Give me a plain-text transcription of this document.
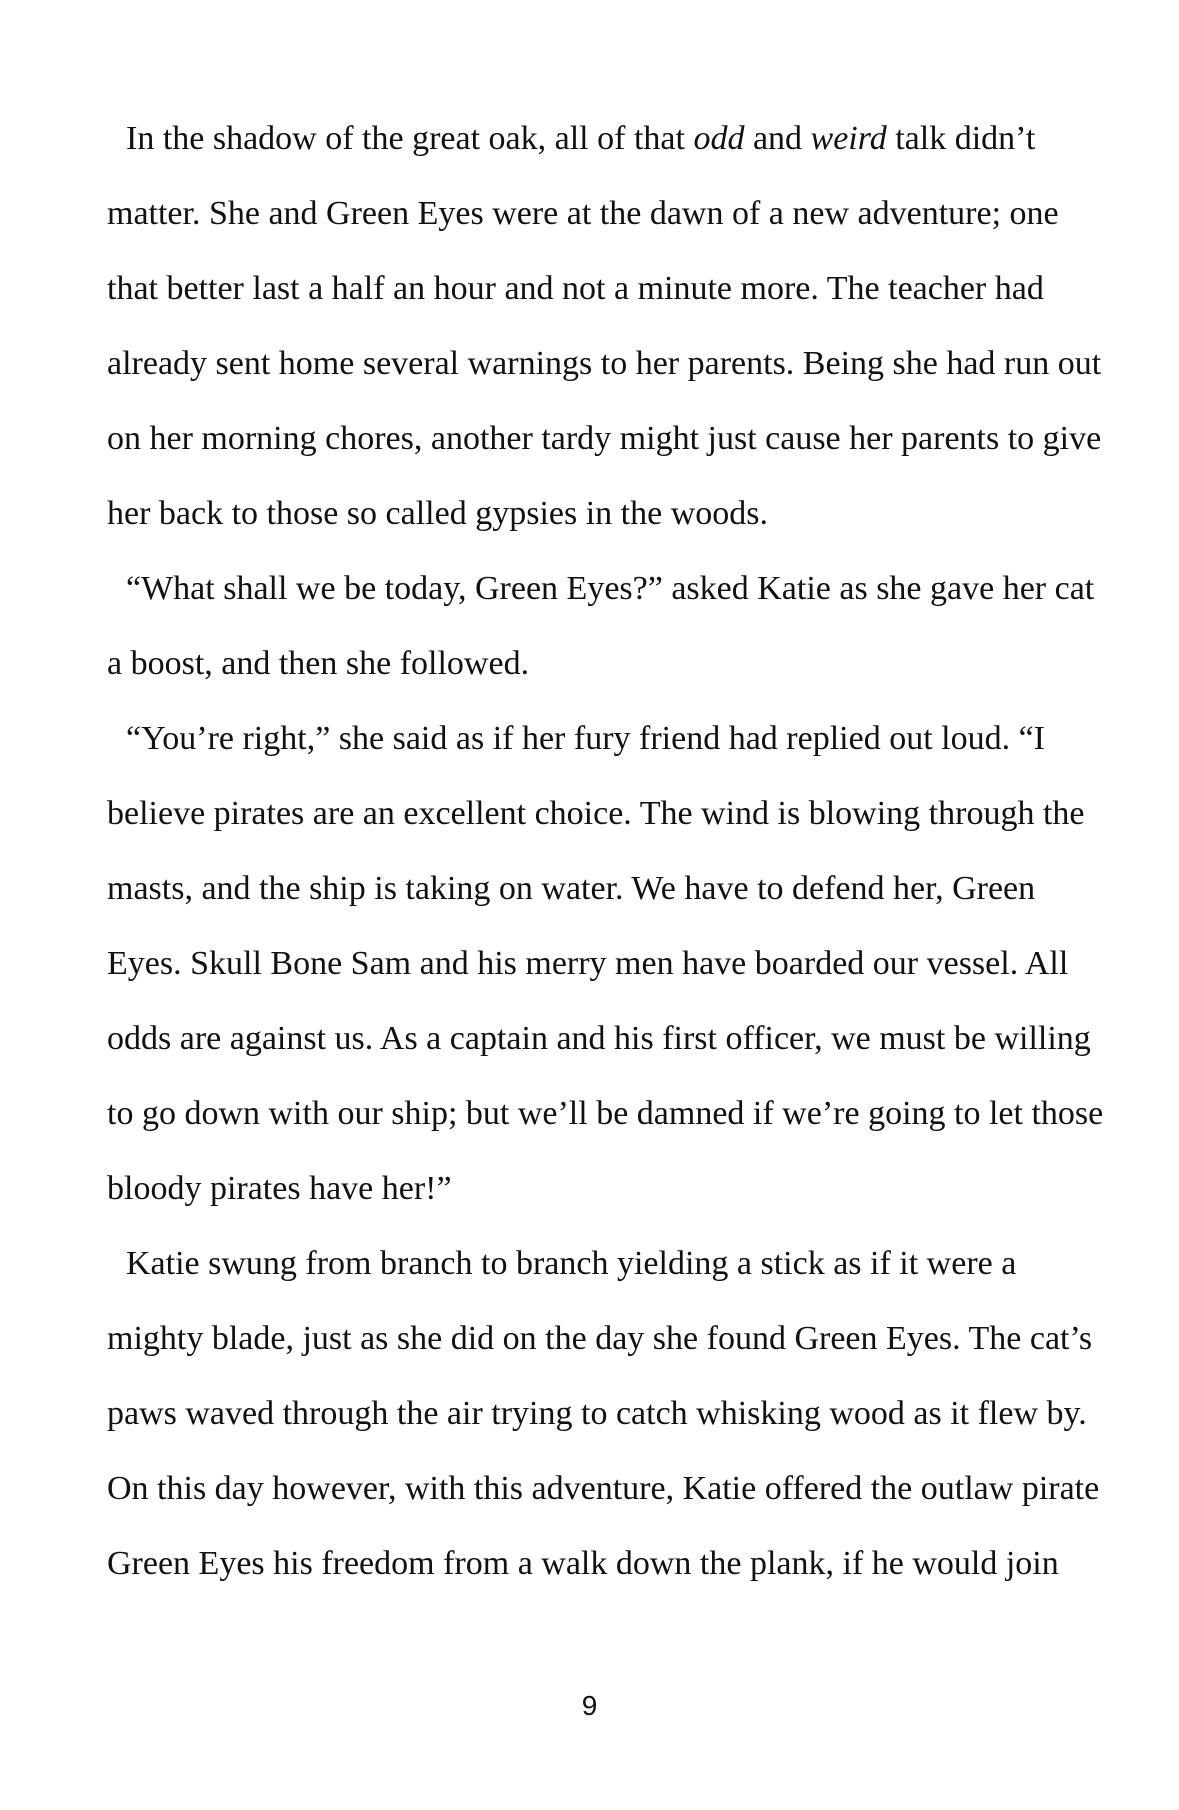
In the shadow of the great oak, all of that odd and weird talk didn’t
matter. She and Green Eyes were at the dawn of a new adventure; one
that better last a half an hour and not a minute more. The teacher had
already sent home several warnings to her parents. Being she had run out
on her morning chores, another tardy might just cause her parents to give
her back to those so called gypsies in the woods.
“What shall we be today, Green Eyes?” asked Katie as she gave her cat
a boost, and then she followed.
“You’re right,” she said as if her fury friend had replied out loud. “I
believe pirates are an excellent choice. The wind is blowing through the
masts, and the ship is taking on water. We have to defend her, Green
Eyes. Skull Bone Sam and his merry men have boarded our vessel. All
odds are against us. As a captain and his first officer, we must be willing
to go down with our ship; but we’ll be damned if we’re going to let those
bloody pirates have her!”
Katie swung from branch to branch yielding a stick as if it were a
mighty blade, just as she did on the day she found Green Eyes. The cat’s
paws waved through the air trying to catch whisking wood as it flew by.
On this day however, with this adventure, Katie offered the outlaw pirate
Green Eyes his freedom from a walk down the plank, if he would join
9
